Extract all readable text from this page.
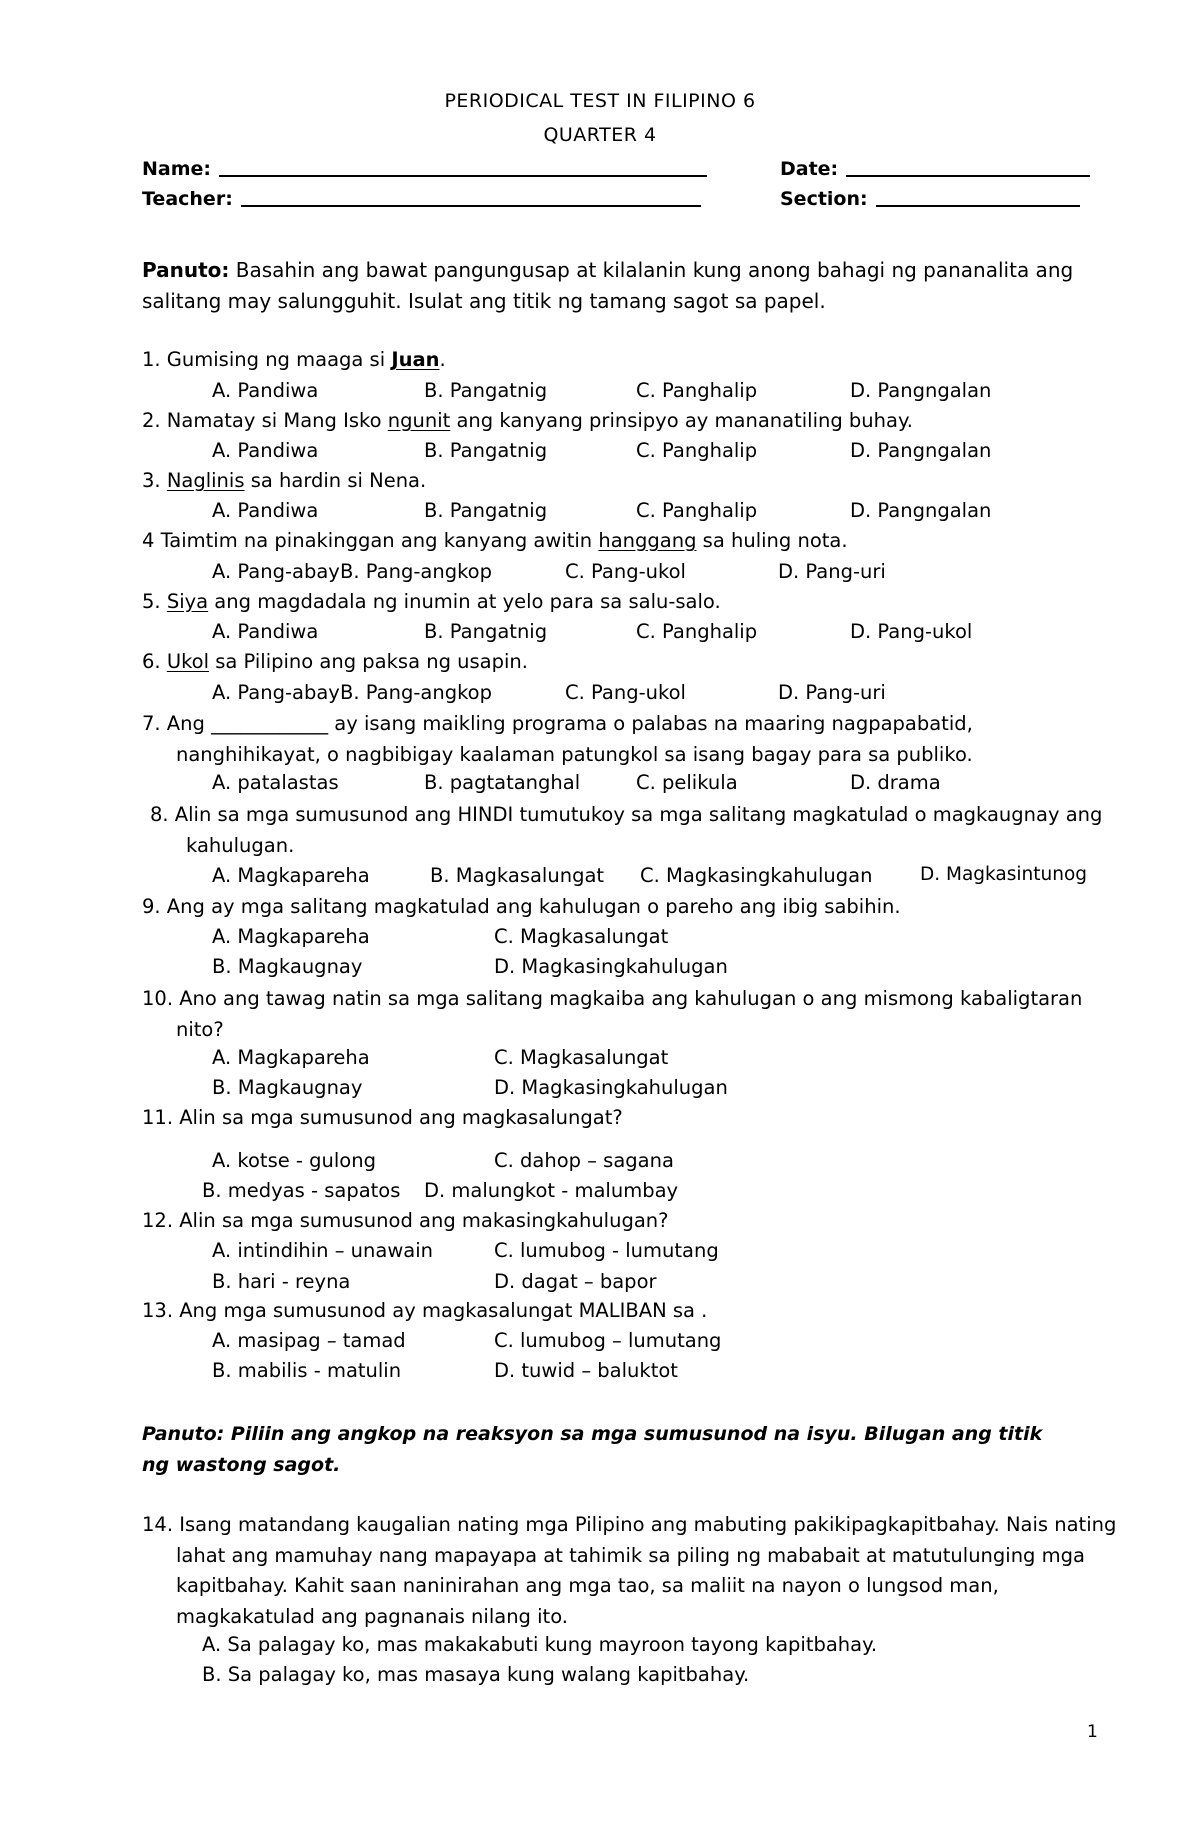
PERIODICAL TEST IN FILIPINO 6
QUARTER 4
Name:	Date:
Teacher:	Section:
Panuto: Basahin ang bawat pangungusap at kilalanin kung anong bahagi ng pananalita ang salitang may salungguhit. Isulat ang titik ng tamang sagot sa papel.
1. Gumising ng maaga si Juan.
A. Pandiwa	B. Pangatnig	C. Panghalip	D. Pangngalan
2. Namatay si Mang Isko ngunit ang kanyang prinsipyo ay mananatiling buhay.
A. Pandiwa	B. Pangatnig	C. Panghalip	D. Pangngalan
3. Naglinis sa hardin si Nena.
A. Pandiwa	B. Pangatnig	C. Panghalip	D. Pangngalan
4 Taimtim na pinakinggan ang kanyang awitin hanggang sa huling nota.
A. Pang-abay B. Pang-angkop	C. Pang-ukol	D. Pang-uri
5. Siya ang magdadala ng inumin at yelo para sa salu-salo.
A. Pandiwa	B. Pangatnig	C. Panghalip	D. Pang-ukol
6. Ukol sa Pilipino ang paksa ng usapin.
A. Pang-abay B. Pang-angkop	C. Pang-ukol	D. Pang-uri
7. Ang ____________ ay isang maikling programa o palabas na maaring nagpapabatid, nanghihikayat, o nagbibigay kaalaman patungkol sa isang bagay para sa publiko.
A. patalastas	B. pagtatanghal	C. pelikula	D. drama
8. Alin sa mga sumusunod ang HINDI tumutukoy sa mga salitang magkatulad o magkaugnay ang kahulugan.
A. Magkapareha	B. Magkasalungat C. Magkasingkahulugan	D. Magkasintunog
9. Ang ay mga salitang magkatulad ang kahulugan o pareho ang ibig sabihin.
A. Magkapareha	C. Magkasalungat
B. Magkaugnay	D. Magkasingkahulugan
10. Ano ang tawag natin sa mga salitang magkaiba ang kahulugan o ang mismong kabaligtaran nito?
A. Magkapareha	C. Magkasalungat
B. Magkaugnay	D. Magkasingkahulugan
11. Alin sa mga sumusunod ang magkasalungat?
A. kotse - gulong	C. dahop – sagana
B. medyas - sapatos D. malungkot - malumbay
12. Alin sa mga sumusunod ang makasingkahulugan?
A. intindihin – unawain	C. lumubog - lumutang
B. hari - reyna	D. dagat – bapor
13. Ang mga sumusunod ay magkasalungat MALIBAN sa .
A. masipag – tamad	C. lumubog – lumutang
B. mabilis - matulin	D. tuwid – baluktot
Panuto: Piliin ang angkop na reaksyon sa mga sumusunod na isyu. Bilugan ang titik ng wastong sagot.
14. Isang matandang kaugalian nating mga Pilipino ang mabuting pakikipagkapitbahay. Nais nating lahat ang mamuhay nang mapayapa at tahimik sa piling ng mababait at matutulunging mga kapitbahay. Kahit saan naninirahan ang mga tao, sa maliit na nayon o lungsod man, magkakatulad ang pagnanais nilang ito.
A. Sa palagay ko, mas makakabuti kung mayroon tayong kapitbahay.
B. Sa palagay ko, mas masaya kung walang kapitbahay.
1
